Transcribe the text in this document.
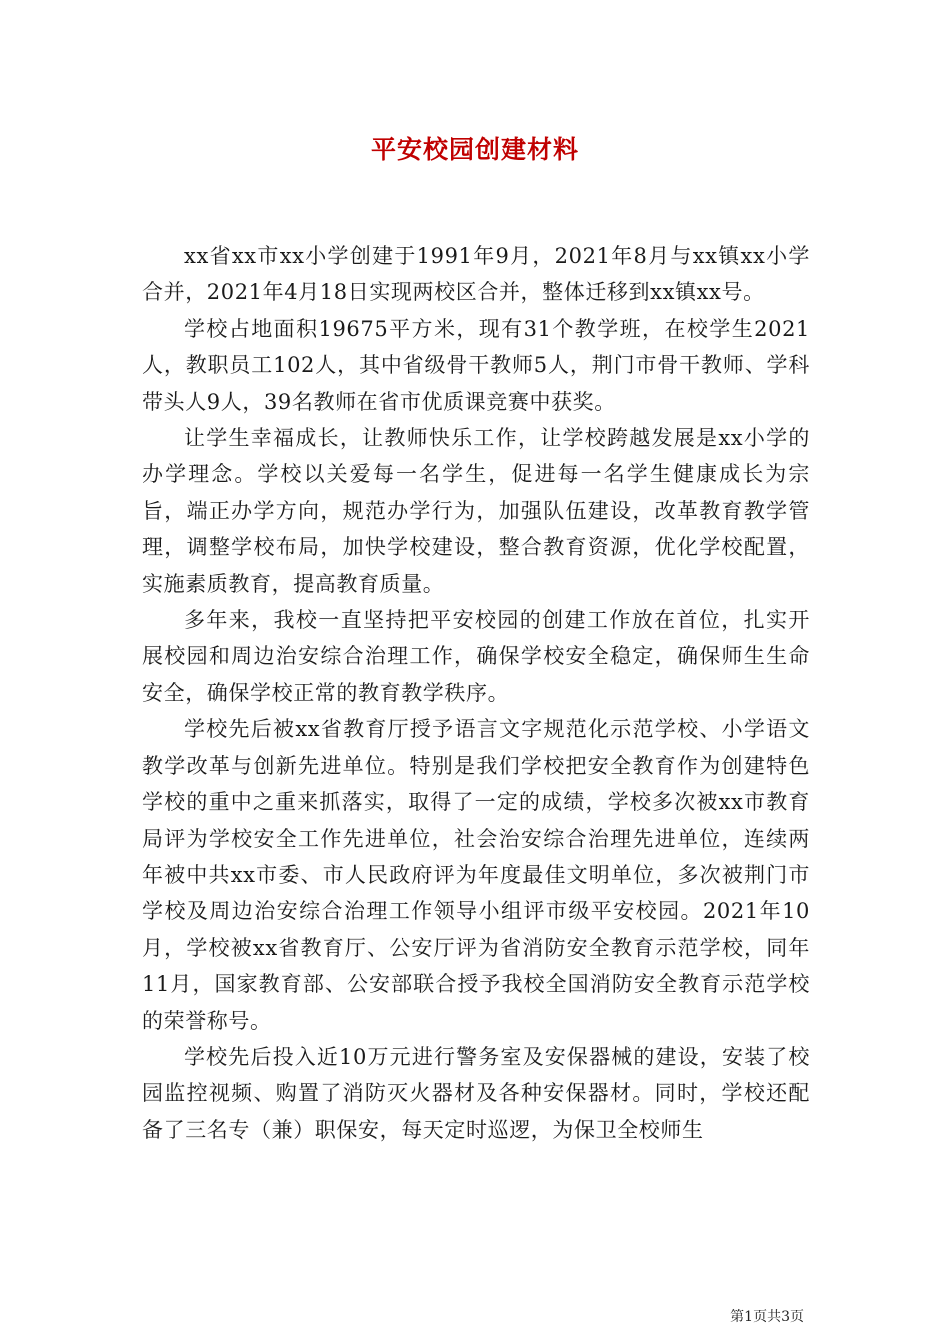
平安校园创建材料

xx省xx市xx小学创建于1991年9月，2021年8月与xx镇xx小学合并，2021年4月18日实现两校区合并，整体迁移到xx镇xx号。

学校占地面积19675平方米，现有31个教学班，在校学生2021人，教职员工102人，其中省级骨干教师5人，荆门市骨干教师、学科带头人9人，39名教师在省市优质课竞赛中获奖。

让学生幸福成长，让教师快乐工作，让学校跨越发展是xx小学的办学理念。学校以关爱每一名学生，促进每一名学生健康成长为宗旨，端正办学方向，规范办学行为，加强队伍建设，改革教育教学管理，调整学校布局，加快学校建设，整合教育资源，优化学校配置，实施素质教育，提高教育质量。

多年来，我校一直坚持把平安校园的创建工作放在首位，扎实开展校园和周边治安综合治理工作，确保学校安全稳定，确保师生生命安全，确保学校正常的教育教学秩序。

学校先后被xx省教育厅授予语言文字规范化示范学校、小学语文教学改革与创新先进单位。特别是我们学校把安全教育作为创建特色学校的重中之重来抓落实，取得了一定的成绩，学校多次被xx市教育局评为学校安全工作先进单位，社会治安综合治理先进单位，连续两年被中共xx市委、市人民政府评为年度最佳文明单位，多次被荆门市学校及周边治安综合治理工作领导小组评市级平安校园。2021年10月，学校被xx省教育厅、公安厅评为省消防安全教育示范学校，同年11月，国家教育部、公安部联合授予我校全国消防安全教育示范学校的荣誉称号。

学校先后投入近10万元进行警务室及安保器械的建设，安装了校园监控视频、购置了消防灭火器材及各种安保器材。同时，学校还配备了三名专（兼）职保安，每天定时巡逻，为保卫全校师生

第1页共3页
